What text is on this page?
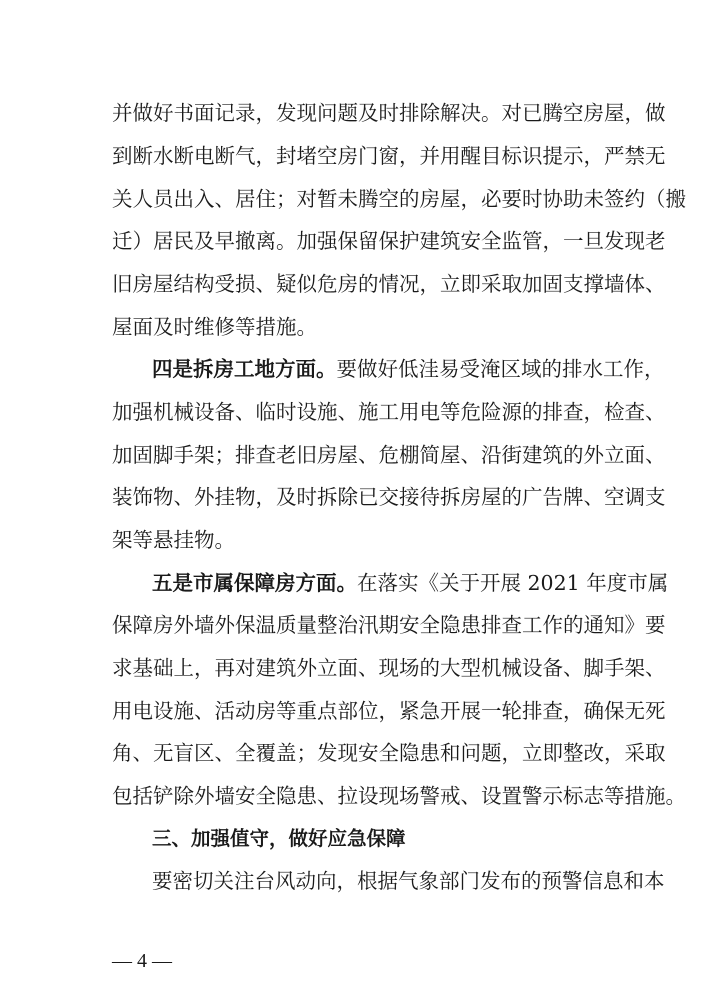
并做好书面记录，发现问题及时排除解决。对已腾空房屋，做
到断水断电断气，封堵空房门窗，并用醒目标识提示，严禁无
关人员出入、居住；对暂未腾空的房屋，必要时协助未签约（搬
迁）居民及早撤离。加强保留保护建筑安全监管，一旦发现老
旧房屋结构受损、疑似危房的情况，立即采取加固支撑墙体、
屋面及时维修等措施。
四是拆房工地方面。要做好低洼易受淹区域的排水工作，
加强机械设备、临时设施、施工用电等危险源的排查，检查、
加固脚手架；排查老旧房屋、危棚简屋、沿街建筑的外立面、
装饰物、外挂物，及时拆除已交接待拆房屋的广告牌、空调支
架等悬挂物。
五是市属保障房方面。在落实《关于开展 2021 年度市属
保障房外墙外保温质量整治汛期安全隐患排查工作的通知》要
求基础上，再对建筑外立面、现场的大型机械设备、脚手架、
用电设施、活动房等重点部位，紧急开展一轮排查，确保无死
角、无盲区、全覆盖；发现安全隐患和问题，立即整改，采取
包括铲除外墙安全隐患、拉设现场警戒、设置警示标志等措施。
三、加强值守，做好应急保障
要密切关注台风动向，根据气象部门发布的预警信息和本
— 4 —
